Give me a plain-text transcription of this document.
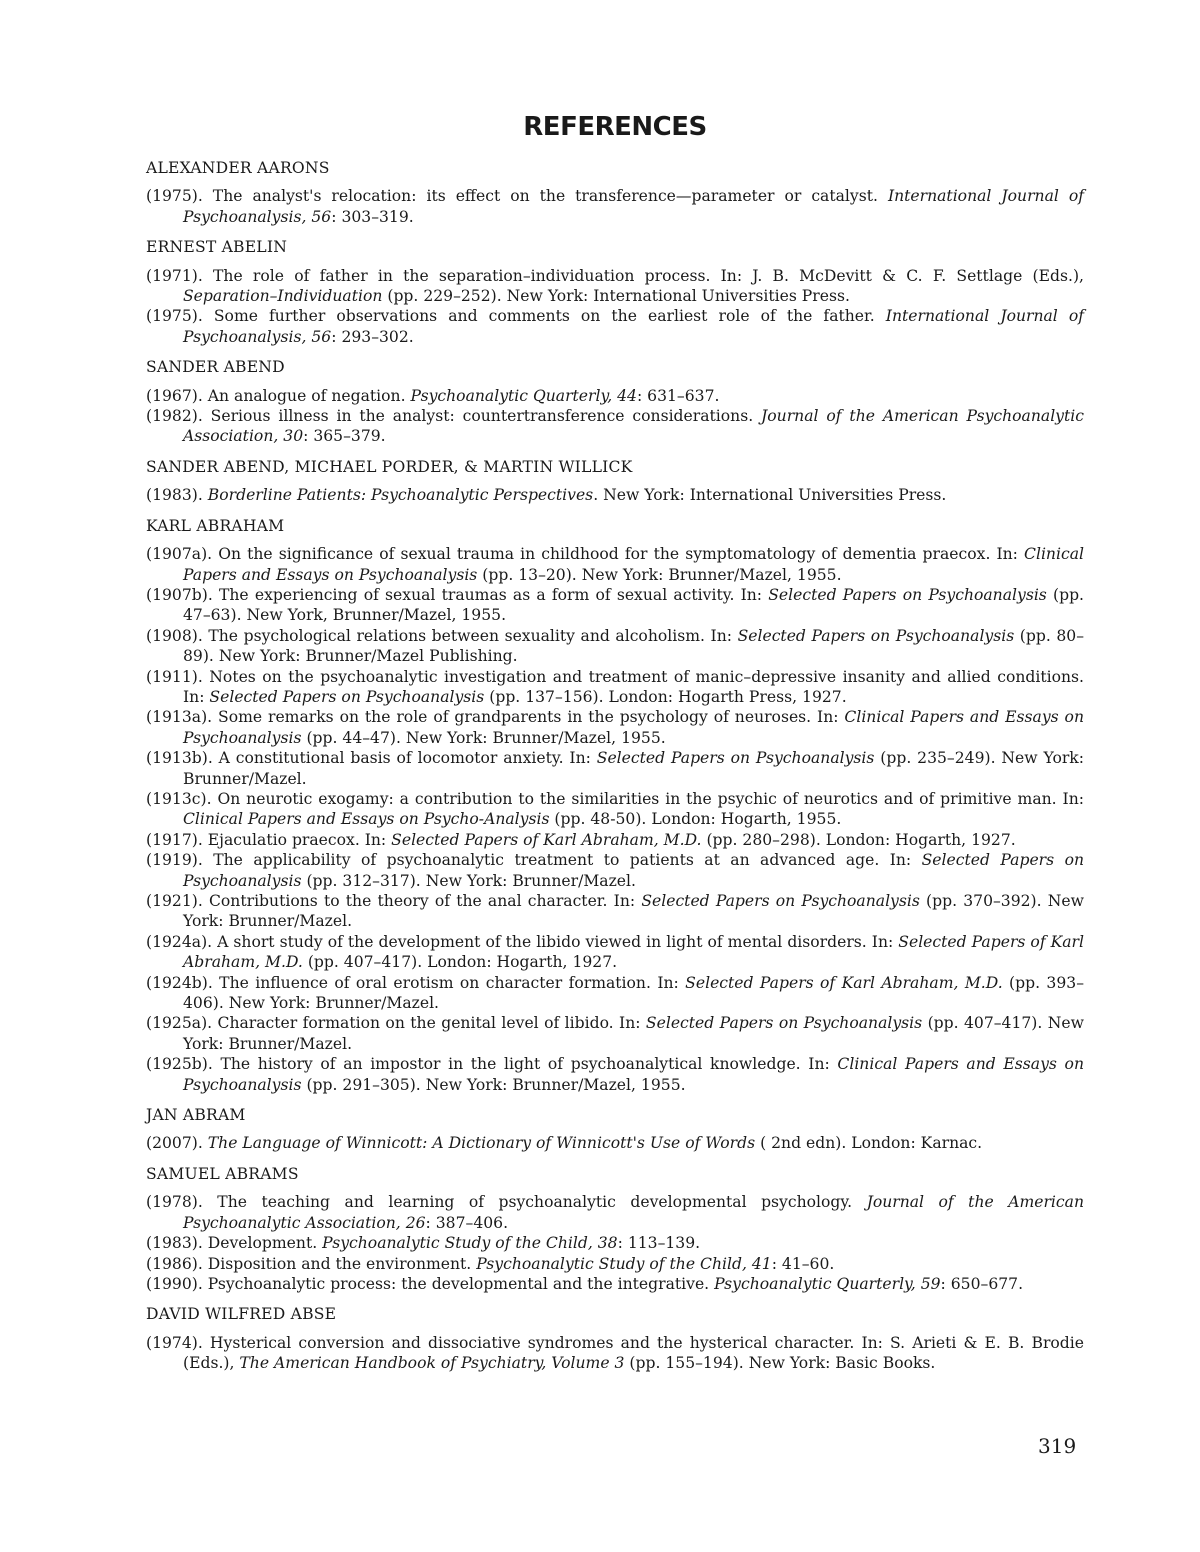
REFERENCES
ALEXANDER AARONS

(1975). The analyst's relocation: its effect on the transference—parameter or catalyst. International Journal of Psychoanalysis, 56: 303–319.

ERNEST ABELIN

(1971). The role of father in the separation–individuation process. In: J. B. McDevitt & C. F. Settlage (Eds.), Separation–Individuation (pp. 229–252). New York: International Universities Press.

(1975). Some further observations and comments on the earliest role of the father. International Journal of Psychoanalysis, 56: 293–302.

SANDER ABEND

(1967). An analogue of negation. Psychoanalytic Quarterly, 44: 631–637.

(1982). Serious illness in the analyst: countertransference considerations. Journal of the American Psychoanalytic Association, 30: 365–379.

SANDER ABEND, MICHAEL PORDER, & MARTIN WILLICK

(1983). Borderline Patients: Psychoanalytic Perspectives. New York: International Universities Press.

KARL ABRAHAM

(1907a). On the significance of sexual trauma in childhood for the symptomatology of dementia praecox. In: Clinical Papers and Essays on Psychoanalysis (pp. 13–20). New York: Brunner/Mazel, 1955.

(1907b). The experiencing of sexual traumas as a form of sexual activity. In: Selected Papers on Psychoanalysis (pp. 47–63). New York, Brunner/Mazel, 1955.

(1908). The psychological relations between sexuality and alcoholism. In: Selected Papers on Psychoanalysis (pp. 80–89). New York: Brunner/Mazel Publishing.

(1911). Notes on the psychoanalytic investigation and treatment of manic–depressive insanity and allied conditions. In: Selected Papers on Psychoanalysis (pp. 137–156). London: Hogarth Press, 1927.

(1913a). Some remarks on the role of grandparents in the psychology of neuroses. In: Clinical Papers and Essays on Psychoanalysis (pp. 44–47). New York: Brunner/Mazel, 1955.

(1913b). A constitutional basis of locomotor anxiety. In: Selected Papers on Psychoanalysis (pp. 235–249). New York: Brunner/Mazel.

(1913c). On neurotic exogamy: a contribution to the similarities in the psychic of neurotics and of primitive man. In: Clinical Papers and Essays on Psycho-Analysis (pp. 48-50). London: Hogarth, 1955.

(1917). Ejaculatio praecox. In: Selected Papers of Karl Abraham, M.D. (pp. 280–298). London: Hogarth, 1927.

(1919). The applicability of psychoanalytic treatment to patients at an advanced age. In: Selected Papers on Psychoanalysis (pp. 312–317). New York: Brunner/Mazel.

(1921). Contributions to the theory of the anal character. In: Selected Papers on Psychoanalysis (pp. 370–392). New York: Brunner/Mazel.

(1924a). A short study of the development of the libido viewed in light of mental disorders. In: Selected Papers of Karl Abraham, M.D. (pp. 407–417). London: Hogarth, 1927.

(1924b). The influence of oral erotism on character formation. In: Selected Papers of Karl Abraham, M.D. (pp. 393–406). New York: Brunner/Mazel.

(1925a). Character formation on the genital level of libido. In: Selected Papers on Psychoanalysis (pp. 407–417). New York: Brunner/Mazel.

(1925b). The history of an impostor in the light of psychoanalytical knowledge. In: Clinical Papers and Essays on Psychoanalysis (pp. 291–305). New York: Brunner/Mazel, 1955.

JAN ABRAM

(2007). The Language of Winnicott: A Dictionary of Winnicott's Use of Words ( 2nd edn). London: Karnac.

SAMUEL ABRAMS

(1978). The teaching and learning of psychoanalytic developmental psychology. Journal of the American Psychoanalytic Association, 26: 387–406.

(1983). Development. Psychoanalytic Study of the Child, 38: 113–139.

(1986). Disposition and the environment. Psychoanalytic Study of the Child, 41: 41–60.

(1990). Psychoanalytic process: the developmental and the integrative. Psychoanalytic Quarterly, 59: 650–677.

DAVID WILFRED ABSE

(1974). Hysterical conversion and dissociative syndromes and the hysterical character. In: S. Arieti & E. B. Brodie (Eds.), The American Handbook of Psychiatry, Volume 3 (pp. 155–194). New York: Basic Books.

319
